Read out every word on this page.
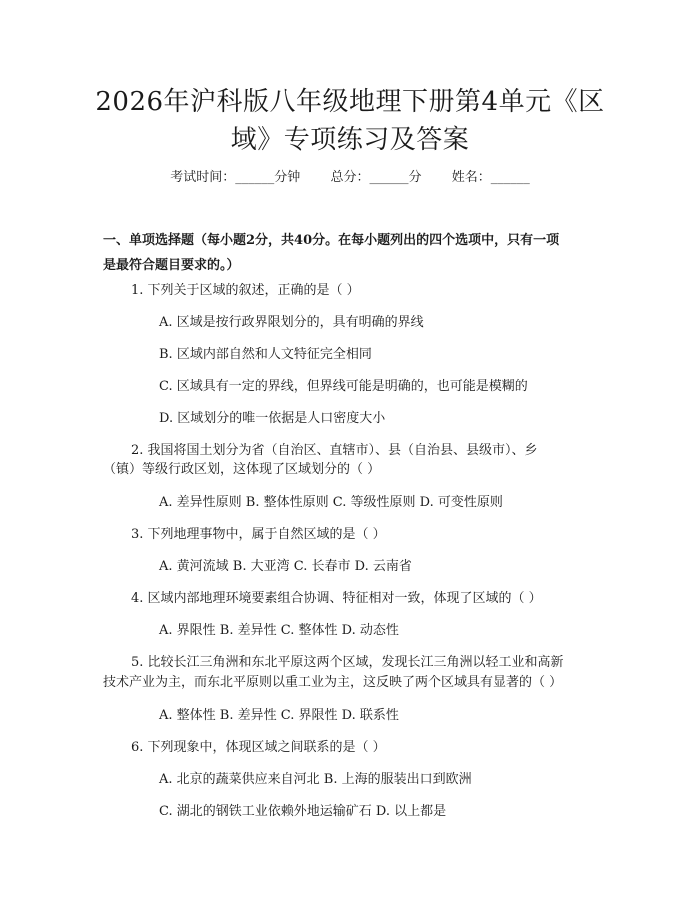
2026年沪科版八年级地理下册第4单元《区
域》专项练习及答案
考试时间：______分钟 总分：______分 姓名：______
一、单项选择题（每小题2分，共40分。在每小题列出的四个选项中，只有一项
是最符合题目要求的。）
1. 下列关于区域的叙述，正确的是（ ）
A. 区域是按行政界限划分的，具有明确的界线
B. 区域内部自然和人文特征完全相同
C. 区域具有一定的界线，但界线可能是明确的，也可能是模糊的
D. 区域划分的唯一依据是人口密度大小
2. 我国将国土划分为省（自治区、直辖市）、县（自治县、县级市）、乡
（镇）等级行政区划，这体现了区域划分的（ ）
A. 差异性原则 B. 整体性原则 C. 等级性原则 D. 可变性原则
3. 下列地理事物中，属于自然区域的是（ ）
A. 黄河流域 B. 大亚湾 C. 长春市 D. 云南省
4. 区域内部地理环境要素组合协调、特征相对一致，体现了区域的（ ）
A. 界限性 B. 差异性 C. 整体性 D. 动态性
5. 比较长江三角洲和东北平原这两个区域，发现长江三角洲以轻工业和高新
技术产业为主，而东北平原则以重工业为主，这反映了两个区域具有显著的（ ）
A. 整体性 B. 差异性 C. 界限性 D. 联系性
6. 下列现象中，体现区域之间联系的是（ ）
A. 北京的蔬菜供应来自河北 B. 上海的服装出口到欧洲
C. 湖北的钢铁工业依赖外地运输矿石 D. 以上都是
